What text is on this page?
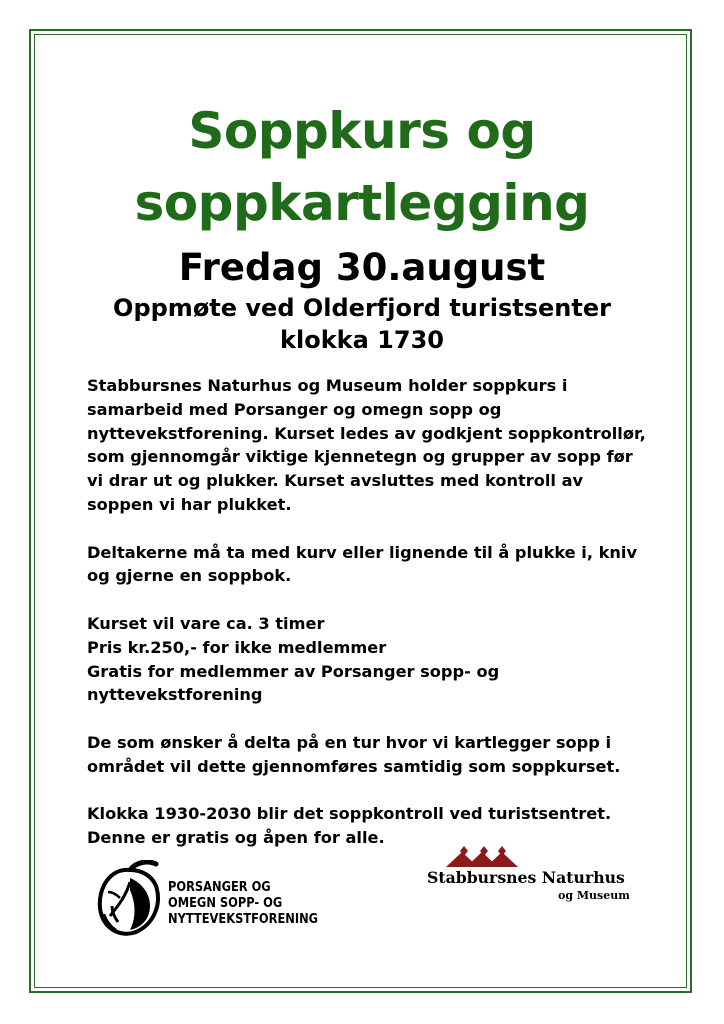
Soppkurs og
soppkartlegging
Fredag 30.august
Oppmøte ved Olderfjord turistsenter
klokka 1730

Stabbursnes Naturhus og Museum holder soppkurs i
samarbeid med Porsanger og omegn sopp og
nyttevekstforening. Kurset ledes av godkjent soppkontrollør,
som gjennomgår viktige kjennetegn og grupper av sopp før
vi drar ut og plukker. Kurset avsluttes med kontroll av
soppen vi har plukket.

Deltakerne må ta med kurv eller lignende til å plukke i, kniv
og gjerne en soppbok.

Kurset vil vare ca. 3 timer
Pris kr.250,- for ikke medlemmer
Gratis for medlemmer av Porsanger sopp- og
nyttevekstforening

De som ønsker å delta på en tur hvor vi kartlegger sopp i
området vil dette gjennomføres samtidig som soppkurset.

Klokka 1930-2030 blir det soppkontroll ved turistsentret.
Denne er gratis og åpen for alle.

PORSANGER OG
OMEGN SOPP- OG
NYTTEVEKSTFORENING
Stabbursnes Naturhus
og Museum
